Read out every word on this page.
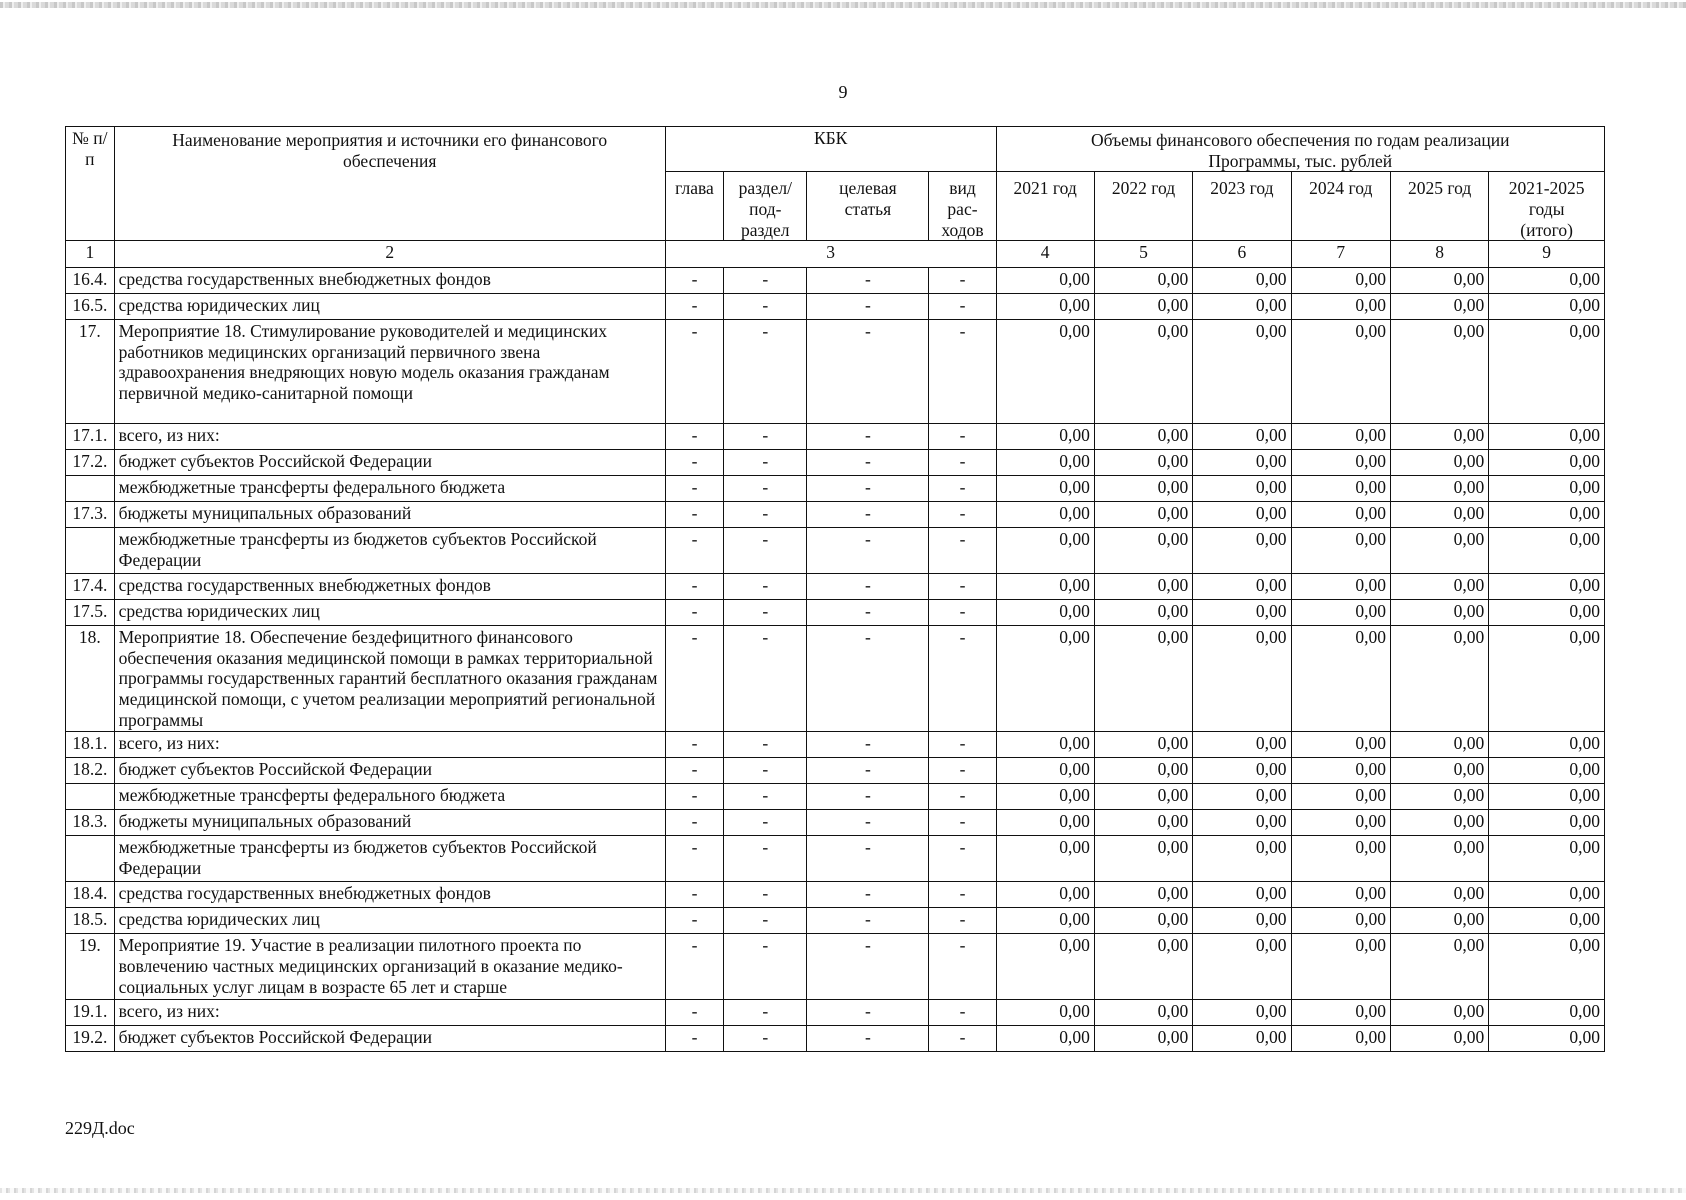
9
№ п/п	Наименование мероприятия и источники его финансового обеспечения	КБК				Объемы финансового обеспечения по годам реализации Программы, тыс. рублей					
		глава	раздел/ под- раздел	целевая статья	вид рас- ходов	2021 год	2022 год	2023 год	2024 год	2025 год	2021-2025 годы (итого)
1	2	3				4	5	6	7	8	9
16.4.	средства государственных внебюджетных фондов	-	-	-	-	0,00	0,00	0,00	0,00	0,00	0,00
16.5.	средства юридических лиц	-	-	-	-	0,00	0,00	0,00	0,00	0,00	0,00
17.	Мероприятие 18. Стимулирование руководителей и медицинских работников медицинских организаций первичного звена здравоохранения внедряющих новую модель оказания гражданам первичной медико-санитарной помощи	-	-	-	-	0,00	0,00	0,00	0,00	0,00	0,00
17.1.	всего, из них:	-	-	-	-	0,00	0,00	0,00	0,00	0,00	0,00
17.2.	бюджет субъектов Российской Федерации	-	-	-	-	0,00	0,00	0,00	0,00	0,00	0,00
	межбюджетные трансферты федерального бюджета	-	-	-	-	0,00	0,00	0,00	0,00	0,00	0,00
17.3.	бюджеты муниципальных образований	-	-	-	-	0,00	0,00	0,00	0,00	0,00	0,00
	межбюджетные трансферты из бюджетов субъектов Российской Федерации	-	-	-	-	0,00	0,00	0,00	0,00	0,00	0,00
17.4.	средства государственных внебюджетных фондов	-	-	-	-	0,00	0,00	0,00	0,00	0,00	0,00
17.5.	средства юридических лиц	-	-	-	-	0,00	0,00	0,00	0,00	0,00	0,00
18.	Мероприятие 18. Обеспечение бездефицитного финансового обеспечения оказания медицинской помощи в рамках территориальной программы государственных гарантий бесплатного оказания гражданам медицинской помощи, с учетом реализации мероприятий региональной программы	-	-	-	-	0,00	0,00	0,00	0,00	0,00	0,00
18.1.	всего, из них:	-	-	-	-	0,00	0,00	0,00	0,00	0,00	0,00
18.2.	бюджет субъектов Российской Федерации	-	-	-	-	0,00	0,00	0,00	0,00	0,00	0,00
	межбюджетные трансферты федерального бюджета	-	-	-	-	0,00	0,00	0,00	0,00	0,00	0,00
18.3.	бюджеты муниципальных образований	-	-	-	-	0,00	0,00	0,00	0,00	0,00	0,00
	межбюджетные трансферты из бюджетов субъектов Российской Федерации	-	-	-	-	0,00	0,00	0,00	0,00	0,00	0,00
18.4.	средства государственных внебюджетных фондов	-	-	-	-	0,00	0,00	0,00	0,00	0,00	0,00
18.5.	средства юридических лиц	-	-	-	-	0,00	0,00	0,00	0,00	0,00	0,00
19.	Мероприятие 19. Участие в реализации пилотного проекта по вовлечению частных медицинских организаций в оказание медико-социальных услуг лицам в возрасте 65 лет и старше	-	-	-	-	0,00	0,00	0,00	0,00	0,00	0,00
19.1.	всего, из них:	-	-	-	-	0,00	0,00	0,00	0,00	0,00	0,00
19.2.	бюджет субъектов Российской Федерации	-	-	-	-	0,00	0,00	0,00	0,00	0,00	0,00
229Д.doc
